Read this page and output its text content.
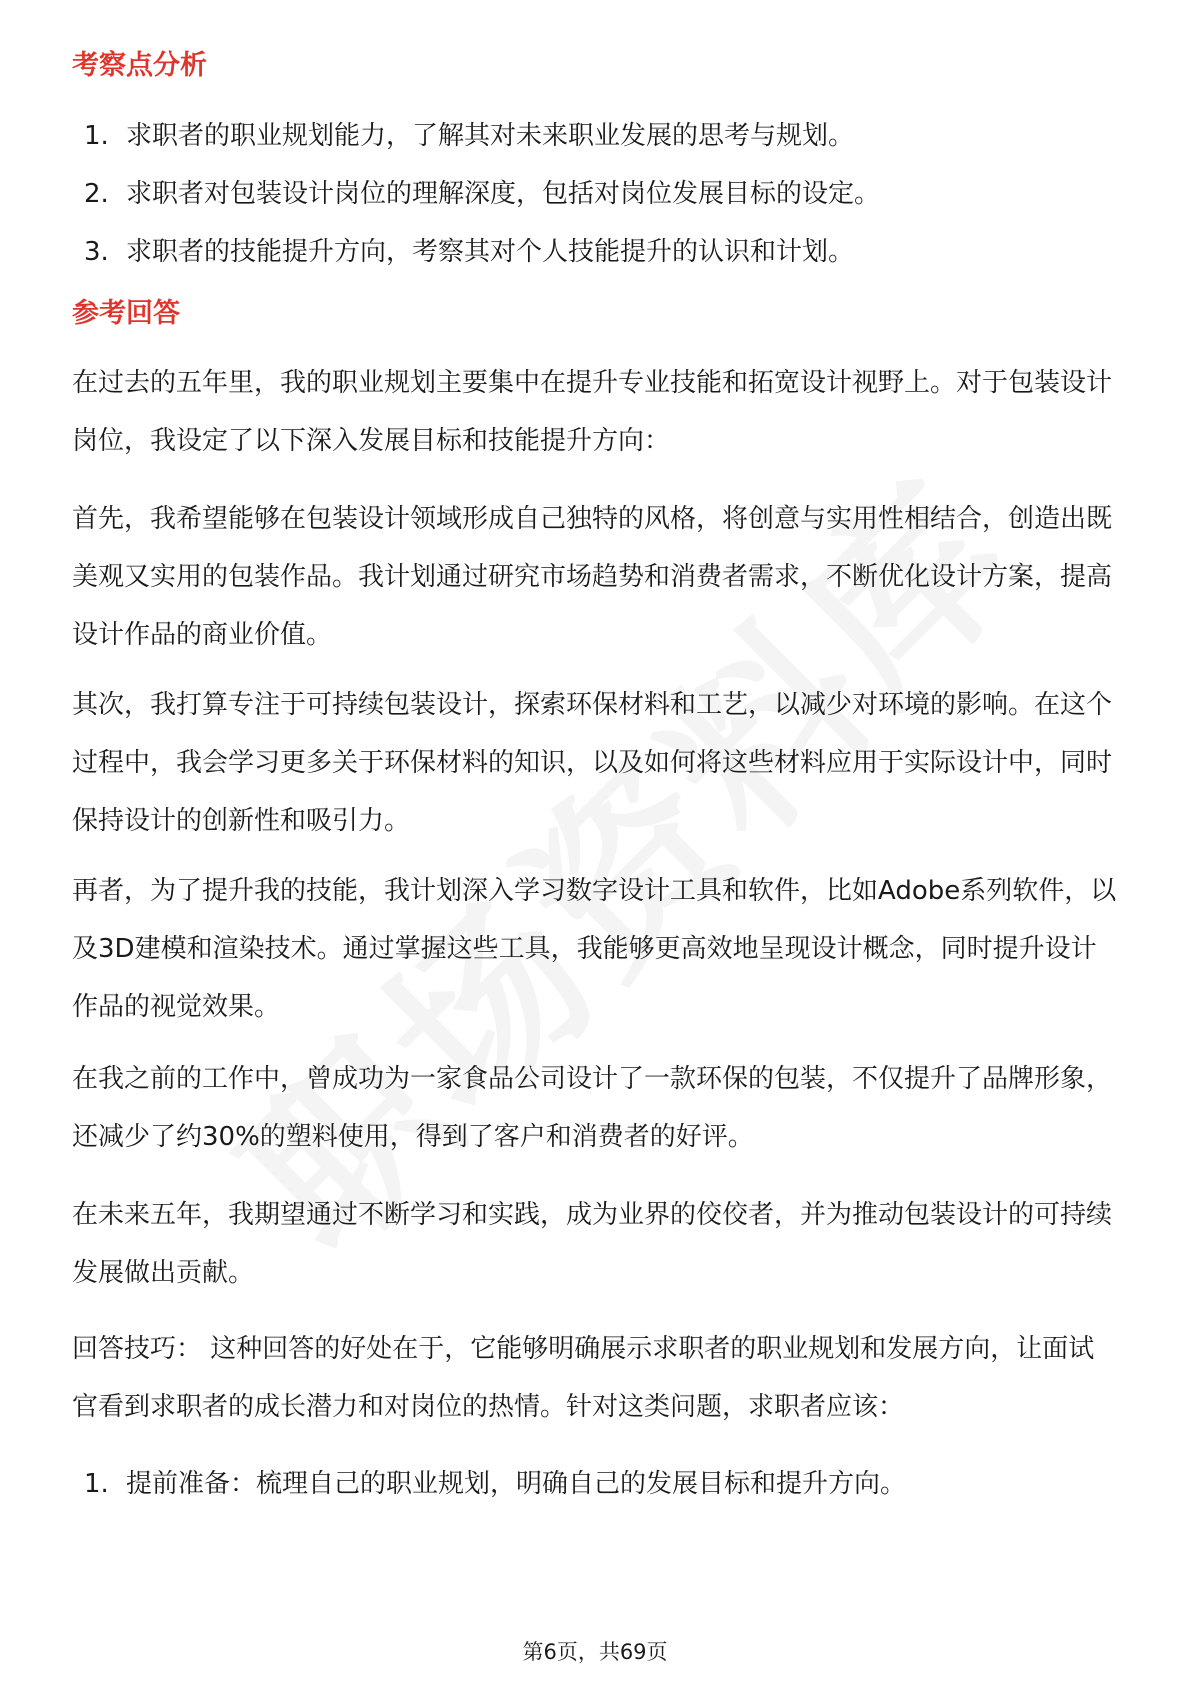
考察点分析
1. 求职者的职业规划能力，了解其对未来职业发展的思考与规划。
2. 求职者对包装设计岗位的理解深度，包括对岗位发展目标的设定。
3. 求职者的技能提升方向，考察其对个人技能提升的认识和计划。
参考回答

在过去的五年里，我的职业规划主要集中在提升专业技能和拓宽设计视野上。对于包装设计岗位，我设定了以下深入发展目标和技能提升方向：

首先，我希望能够在包装设计领域形成自己独特的风格，将创意与实用性相结合，创造出既美观又实用的包装作品。我计划通过研究市场趋势和消费者需求，不断优化设计方案，提高设计作品的商业价值。

其次，我打算专注于可持续包装设计，探索环保材料和工艺，以减少对环境的影响。在这个过程中，我会学习更多关于环保材料的知识，以及如何将这些材料应用于实际设计中，同时保持设计的创新性和吸引力。

再者，为了提升我的技能，我计划深入学习数字设计工具和软件，比如Adobe系列软件，以及3D建模和渲染技术。通过掌握这些工具，我能够更高效地呈现设计概念，同时提升设计作品的视觉效果。

在我之前的工作中，曾成功为一家食品公司设计了一款环保的包装，不仅提升了品牌形象，还减少了约30%的塑料使用，得到了客户和消费者的好评。

在未来五年，我期望通过不断学习和实践，成为业界的佼佼者，并为推动包装设计的可持续发展做出贡献。

回答技巧： 这种回答的好处在于，它能够明确展示求职者的职业规划和发展方向，让面试官看到求职者的成长潜力和对岗位的热情。针对这类问题，求职者应该：

1. 提前准备：梳理自己的职业规划，明确自己的发展目标和提升方向。
第6页，共69页
